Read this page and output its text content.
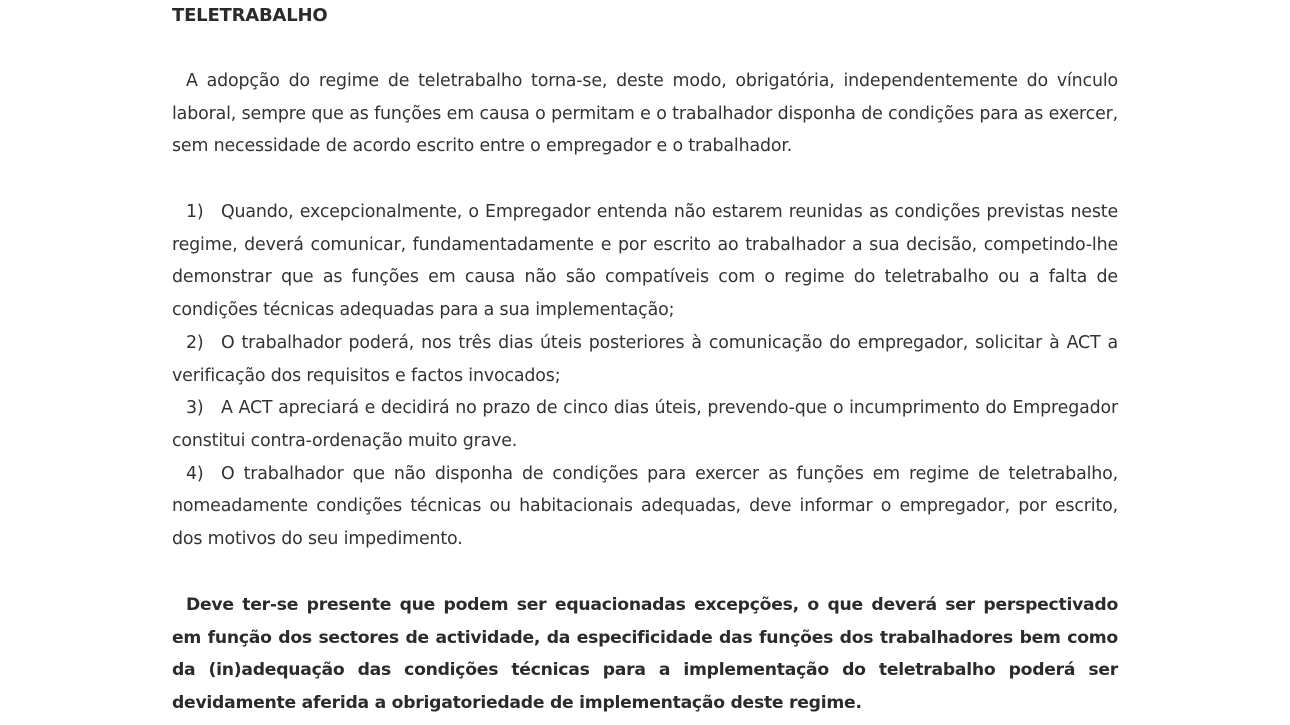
TELETRABALHO

A adopção do regime de teletrabalho torna-se, deste modo, obrigatória, independentemente do vínculo laboral, sempre que as funções em causa o permitam e o trabalhador disponha de condições para as exercer, sem necessidade de acordo escrito entre o empregador e o trabalhador.

1) Quando, excepcionalmente, o Empregador entenda não estarem reunidas as condições previstas neste regime, deverá comunicar, fundamentadamente e por escrito ao trabalhador a sua decisão, competindo-lhe demonstrar que as funções em causa não são compatíveis com o regime do teletrabalho ou a falta de condições técnicas adequadas para a sua implementação;
2) O trabalhador poderá, nos três dias úteis posteriores à comunicação do empregador, solicitar à ACT a verificação dos requisitos e factos invocados;
3) A ACT apreciará e decidirá no prazo de cinco dias úteis, prevendo-que o incumprimento do Empregador constitui contra-ordenação muito grave.
4) O trabalhador que não disponha de condições para exercer as funções em regime de teletrabalho, nomeadamente condições técnicas ou habitacionais adequadas, deve informar o empregador, por escrito, dos motivos do seu impedimento.

Deve ter-se presente que podem ser equacionadas excepções, o que deverá ser perspectivado em função dos sectores de actividade, da especificidade das funções dos trabalhadores bem como da (in)adequação das condições técnicas para a implementação do teletrabalho poderá ser devidamente aferida a obrigatoriedade de implementação deste regime.
